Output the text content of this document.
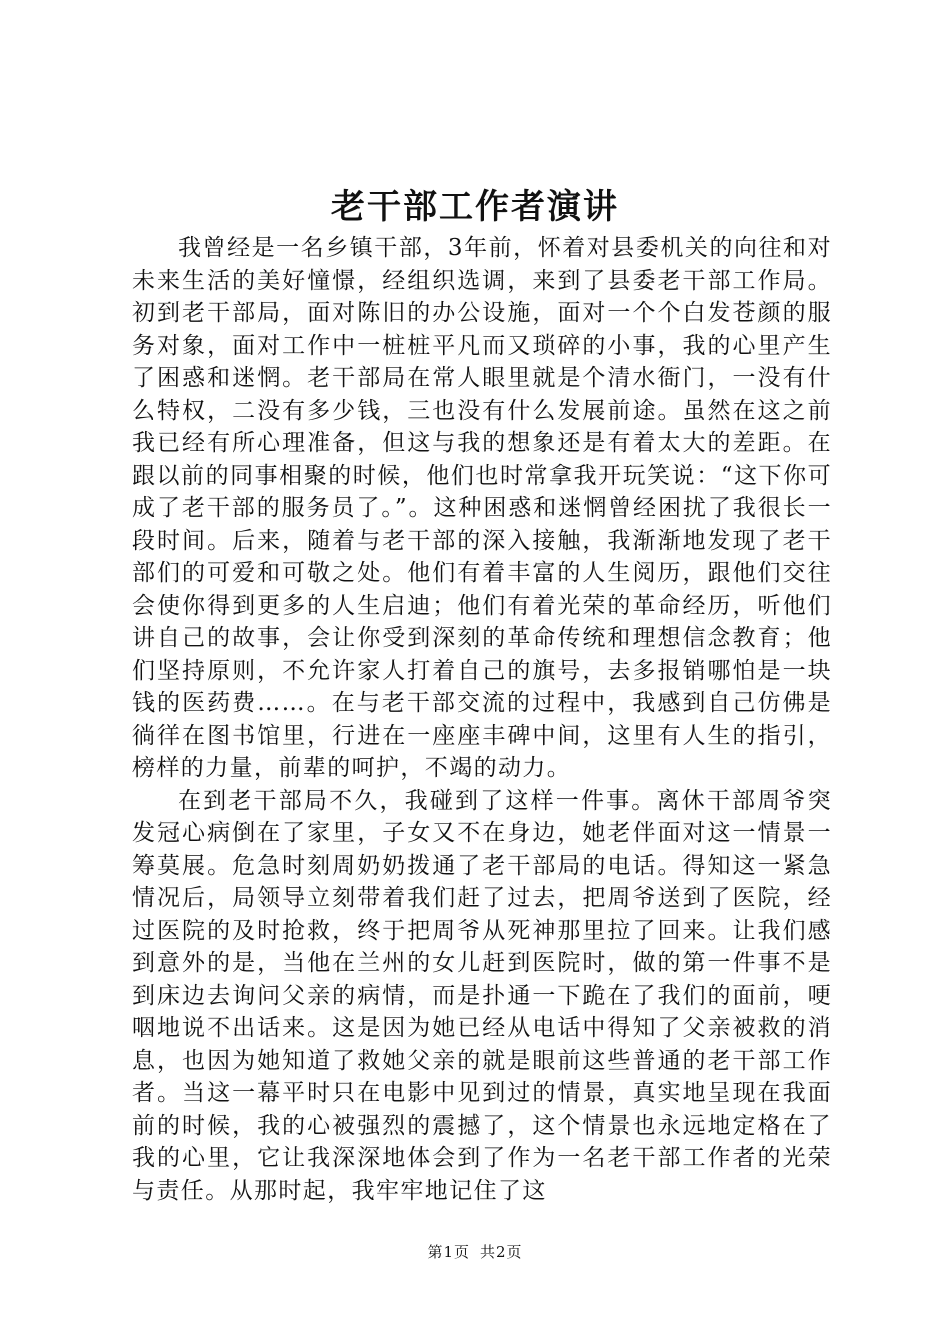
老干部工作者演讲

我曾经是一名乡镇干部，3年前，怀着对县委机关的向往和对未来生活的美好憧憬，经组织选调，来到了县委老干部工作局。初到老干部局，面对陈旧的办公设施，面对一个个白发苍颜的服务对象，面对工作中一桩桩平凡而又琐碎的小事，我的心里产生了困惑和迷惘。老干部局在常人眼里就是个清水衙门，一没有什么特权，二没有多少钱，三也没有什么发展前途。虽然在这之前我已经有所心理准备，但这与我的想象还是有着太大的差距。在跟以前的同事相聚的时候，他们也时常拿我开玩笑说：“这下你可成了老干部的服务员了。”。这种困惑和迷惘曾经困扰了我很长一段时间。后来，随着与老干部的深入接触，我渐渐地发现了老干部们的可爱和可敬之处。他们有着丰富的人生阅历，跟他们交往会使你得到更多的人生启迪；他们有着光荣的革命经历，听他们讲自己的故事，会让你受到深刻的革命传统和理想信念教育；他们坚持原则，不允许家人打着自己的旗号，去多报销哪怕是一块钱的医药费……。在与老干部交流的过程中，我感到自己仿佛是徜徉在图书馆里，行进在一座座丰碑中间，这里有人生的指引，榜样的力量，前辈的呵护，不竭的动力。

在到老干部局不久，我碰到了这样一件事。离休干部周爷突发冠心病倒在了家里，子女又不在身边，她老伴面对这一情景一筹莫展。危急时刻周奶奶拨通了老干部局的电话。得知这一紧急情况后，局领导立刻带着我们赶了过去，把周爷送到了医院，经过医院的及时抢救，终于把周爷从死神那里拉了回来。让我们感到意外的是，当他在兰州的女儿赶到医院时，做的第一件事不是到床边去询问父亲的病情，而是扑通一下跪在了我们的面前，哽咽地说不出话来。这是因为她已经从电话中得知了父亲被救的消息，也因为她知道了救她父亲的就是眼前这些普通的老干部工作者。当这一幕平时只在电影中见到过的情景，真实地呈现在我面前的时候，我的心被强烈的震撼了，这个情景也永远地定格在了我的心里，它让我深深地体会到了作为一名老干部工作者的光荣与责任。从那时起，我牢牢地记住了这

第1页 共2页
